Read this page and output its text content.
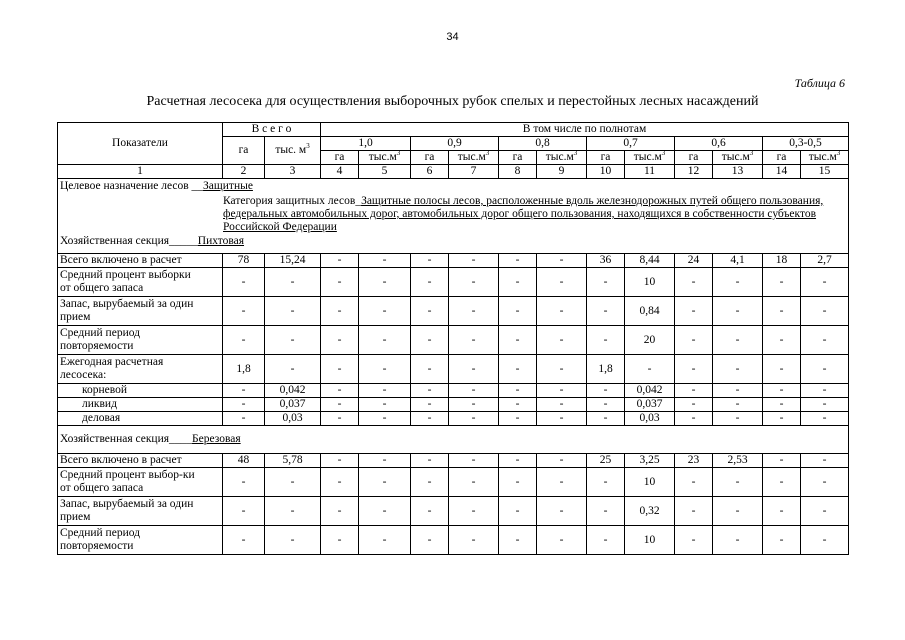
34
Таблица 6
Расчетная лесосека для осуществления выборочных рубок спелых и перестойных лесных насаждений
Показатели	В с е г о		В том числе по полнотам											
	га	тыс. $м^3$	1,0		0,9		0,8		0,7		0,6		0,3-0,5	
			га	$тыс.м^3$	га	$тыс.м^3$	га	$тыс.м^3$	га	$тыс.м^3$	га	$тыс.м^3$	га	$тыс.м^3$
1	2	3	4	5	6	7	8	9	10	11	12	13	14	15

Целевое назначение лесов __Защитные
Категория защитных лесов_Защитные полосы лесов, расположенные вдоль железнодорожных путей общего пользования, федеральных автомобильных дорог, автомобильных дорог общего пользования, находящихся в собственности субъектов Российской Федерации
Хозяйственная секция_____Пихтовая														

Всего включено в расчет	78	15,24	-	-	-	-	-	-	36	8,44	24	4,1	18	2,7

Средний процент выборки
от общего запаса	-	-	-	-	-	-	-	-	-	10	-	-	-	-

Запас, вырубаемый за один
прием	-	-	-	-	-	-	-	-	-	0,84	-	-	-	-

Средний период
повторяемости	-	-	-	-	-	-	-	-	-	20	-	-	-	-

Ежегодная расчетная
лесосека:	1,8	-	-	-	-	-	-	-	1,8	-	-	-	-	-
корневой	-	0,042	-	-	-	-	-	-	-	0,042	-	-	-	-
ликвид	-	0,037	-	-	-	-	-	-	-	0,037	-	-	-	-
деловая	-	0,03	-	-	-	-	-	-	-	0,03	-	-	-	-
Хозяйственная секция____Березовая														
Всего включено в расчет	48	5,78	-	-	-	-	-	-	25	3,25	23	2,53	-	-

Средний процент выбор-ки
от общего запаса	-	-	-	-	-	-	-	-	-	10	-	-	-	-

Запас, вырубаемый за один
прием	-	-	-	-	-	-	-	-	-	0,32	-	-	-	-

Средний период
повторяемости	-	-	-	-	-	-	-	-	-	10	-	-	-	-
